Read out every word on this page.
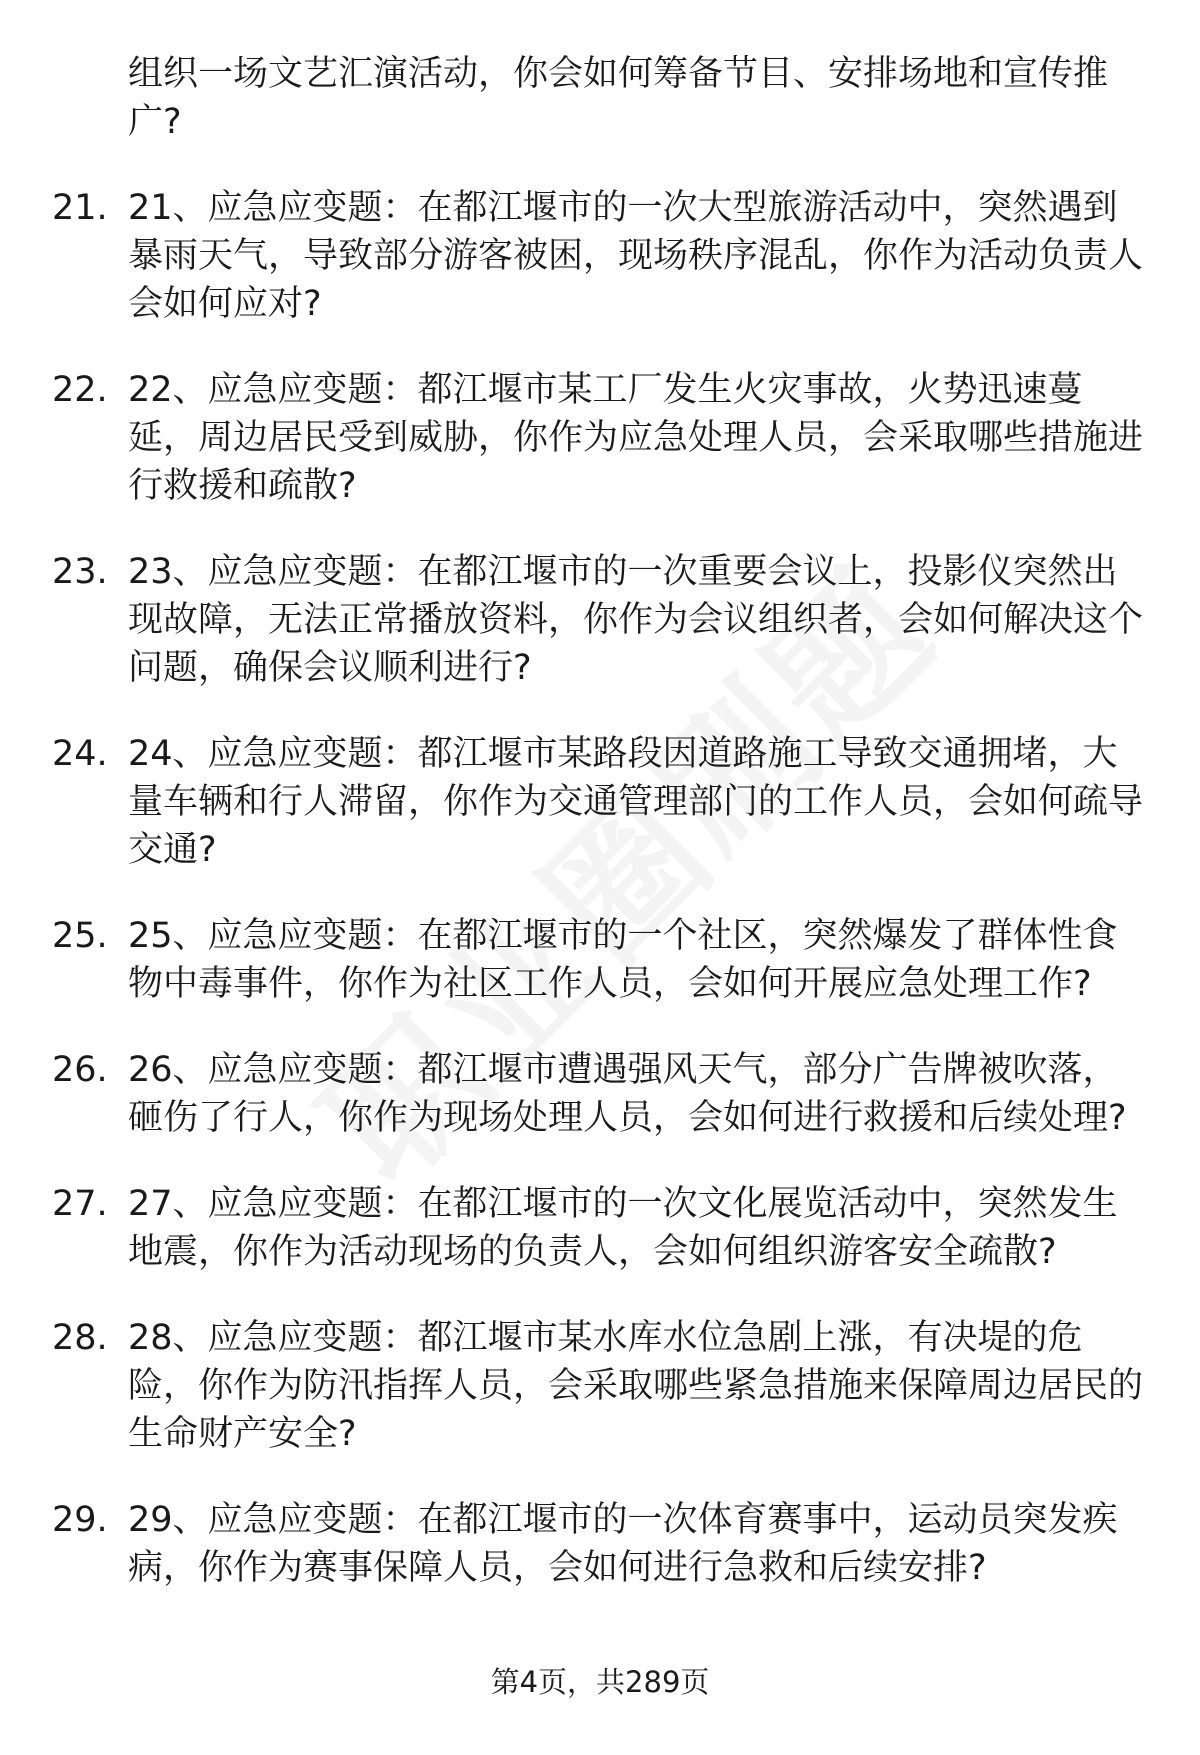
组织一场文艺汇演活动，你会如何筹备节目、安排场地和宣传推广?
21. 21、应急应变题：在都江堰市的一次大型旅游活动中，突然遇到暴雨天气，导致部分游客被困，现场秩序混乱，你作为活动负责人会如何应对?
22. 22、应急应变题：都江堰市某工厂发生火灾事故，火势迅速蔓延，周边居民受到威胁，你作为应急处理人员，会采取哪些措施进行救援和疏散?
23. 23、应急应变题：在都江堰市的一次重要会议上，投影仪突然出现故障，无法正常播放资料，你作为会议组织者，会如何解决这个问题，确保会议顺利进行?
24. 24、应急应变题：都江堰市某路段因道路施工导致交通拥堵，大量车辆和行人滞留，你作为交通管理部门的工作人员，会如何疏导交通?
25. 25、应急应变题：在都江堰市的一个社区，突然爆发了群体性食物中毒事件，你作为社区工作人员，会如何开展应急处理工作?
26. 26、应急应变题：都江堰市遭遇强风天气，部分广告牌被吹落，砸伤了行人，你作为现场处理人员，会如何进行救援和后续处理?
27. 27、应急应变题：在都江堰市的一次文化展览活动中，突然发生地震，你作为活动现场的负责人，会如何组织游客安全疏散?
28. 28、应急应变题：都江堰市某水库水位急剧上涨，有决堤的危险，你作为防汛指挥人员，会采取哪些紧急措施来保障周边居民的生命财产安全?
29. 29、应急应变题：在都江堰市的一次体育赛事中，运动员突发疾病，你作为赛事保障人员，会如何进行急救和后续安排?
第4页，共289页
